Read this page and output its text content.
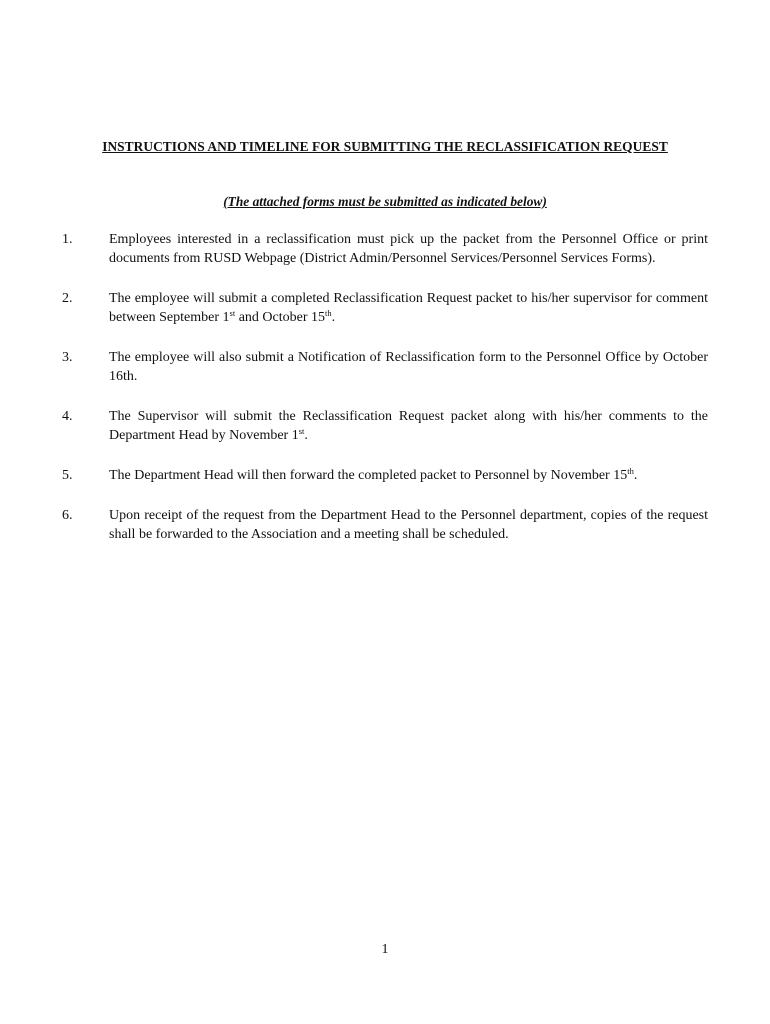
INSTRUCTIONS AND TIMELINE FOR SUBMITTING THE RECLASSIFICATION REQUEST
(The attached forms must be submitted as indicated below)
1.	Employees interested in a reclassification must pick up the packet from the Personnel Office or print documents from RUSD Webpage (District Admin/Personnel Services/Personnel Services Forms).
2.	The employee will submit a completed Reclassification Request packet to his/her supervisor for comment between September 1st and October 15th.
3.	The employee will also submit a Notification of Reclassification form to the Personnel Office by October 16th.
4.	The Supervisor will submit the Reclassification Request packet along with his/her comments to the Department Head by November 1st.
5.	The Department Head will then forward the completed packet to Personnel by November 15th.
6.	Upon receipt of the request from the Department Head to the Personnel department, copies of the request shall be forwarded to the Association and a meeting shall be scheduled.
1
